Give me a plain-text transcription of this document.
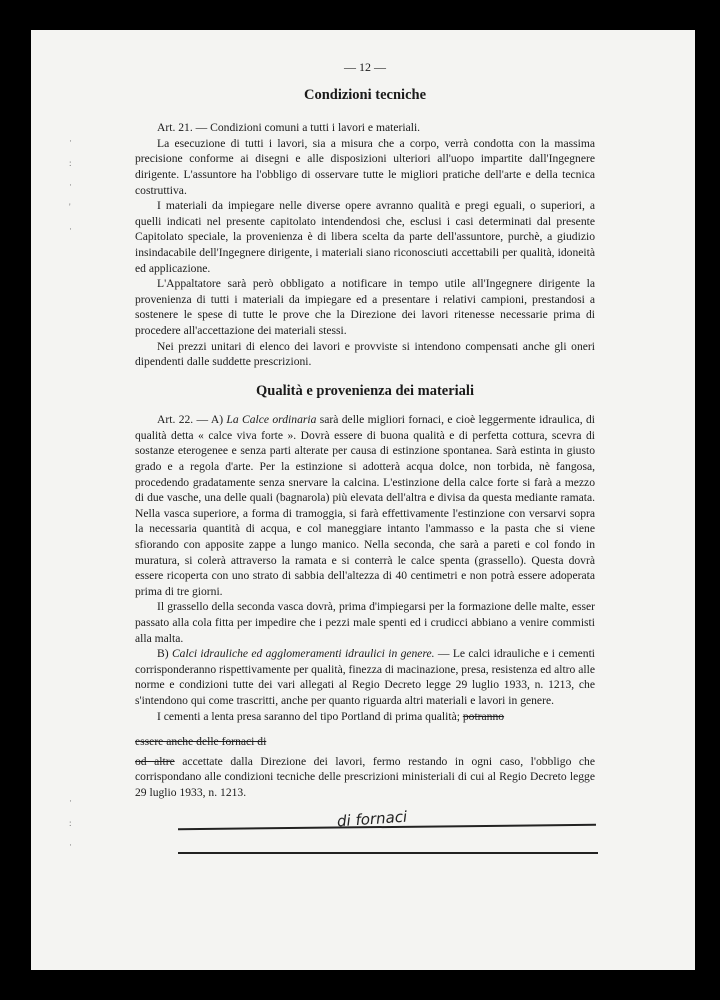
·
:
·
'
·

·
:
·
— 12 —
Condizioni tecniche

Art. 21. — Condizioni comuni a tutti i lavori e materiali.

La esecuzione di tutti i lavori, sia a misura che a corpo, verrà condotta con la massima precisione conforme ai disegni e alle disposizioni ulteriori all'uopo impartite dall'Ingegnere dirigente. L'assuntore ha l'obbligo di osservare tutte le migliori pratiche dell'arte e della tecnica costruttiva.

I materiali da impiegare nelle diverse opere avranno qualità e pregi eguali, o superiori, a quelli indicati nel presente capitolato intendendosi che, esclusi i casi determinati dal presente Capitolato speciale, la provenienza è di libera scelta da parte dell'assuntore, purchè, a giudizio insindacabile dell'Ingegnere dirigente, i materiali siano riconosciuti accettabili per qualità, idoneità ed applicazione.

L'Appaltatore sarà però obbligato a notificare in tempo utile all'Ingegnere dirigente la provenienza di tutti i materiali da impiegare ed a presentare i relativi campioni, prestandosi a sostenere le spese di tutte le prove che la Direzione dei lavori ritenesse necessarie prima di procedere all'accettazione dei materiali stessi.

Nei prezzi unitari di elenco dei lavori e provviste si intendono compensati anche gli oneri dipendenti dalle suddette prescrizioni.

Qualità e provenienza dei materiali

Art. 22. — A) La Calce ordinaria sarà delle migliori fornaci, e cioè leggermente idraulica, di qualità detta « calce viva forte ». Dovrà essere di buona qualità e di perfetta cottura, scevra di sostanze eterogenee e senza parti alterate per causa di estinzione spontanea. Sarà estinta in giusto grado e a regola d'arte. Per la estinzione si adotterà acqua dolce, non torbida, nè fangosa, procedendo gradatamente senza snervare la calcina. L'estinzione della calce forte si farà a mezzo di due vasche, una delle quali (bagnarola) più elevata dell'altra e divisa da questa mediante ramata. Nella vasca superiore, a forma di tramoggia, si farà effettivamente l'estinzione con versarvi sopra la necessaria quantità di acqua, e col maneggiare intanto l'ammasso e la pasta che si viene sfiorando con apposite zappe a lungo manico. Nella seconda, che sarà a pareti e col fondo in muratura, si colerà attraverso la ramata e si conterrà le calce spenta (grassello). Questa dovrà essere ricoperta con uno strato di sabbia dell'altezza di 40 centimetri e non potrà essere adoperata prima di tre giorni.

Il grassello della seconda vasca dovrà, prima d'impiegarsi per la formazione delle malte, esser passato alla cola fitta per impedire che i pezzi male spenti ed i crudicci abbiano a venire commisti alla malta.

B) Calci idrauliche ed agglomeramenti idraulici in genere. — Le calci idrauliche e i cementi corrisponderanno rispettivamente per qualità, finezza di macinazione, presa, resistenza ed altro alle norme e condizioni tutte dei vari allegati al Regio Decreto legge 29 luglio 1933, n. 1213, che s'intendono qui come trascritti, anche per quanto riguarda altri materiali e lavori in genere.

I cementi a lenta presa saranno del tipo Portland di prima qualità; potranno

essere anche delle fornaci di

od altre accettate dalla Direzione dei lavori, fermo restando in ogni caso, l'obbligo che corrispondano alle condizioni tecniche delle prescrizioni ministeriali di cui al Regio Decreto legge 29 luglio 1933, n. 1213.

di fornaci
